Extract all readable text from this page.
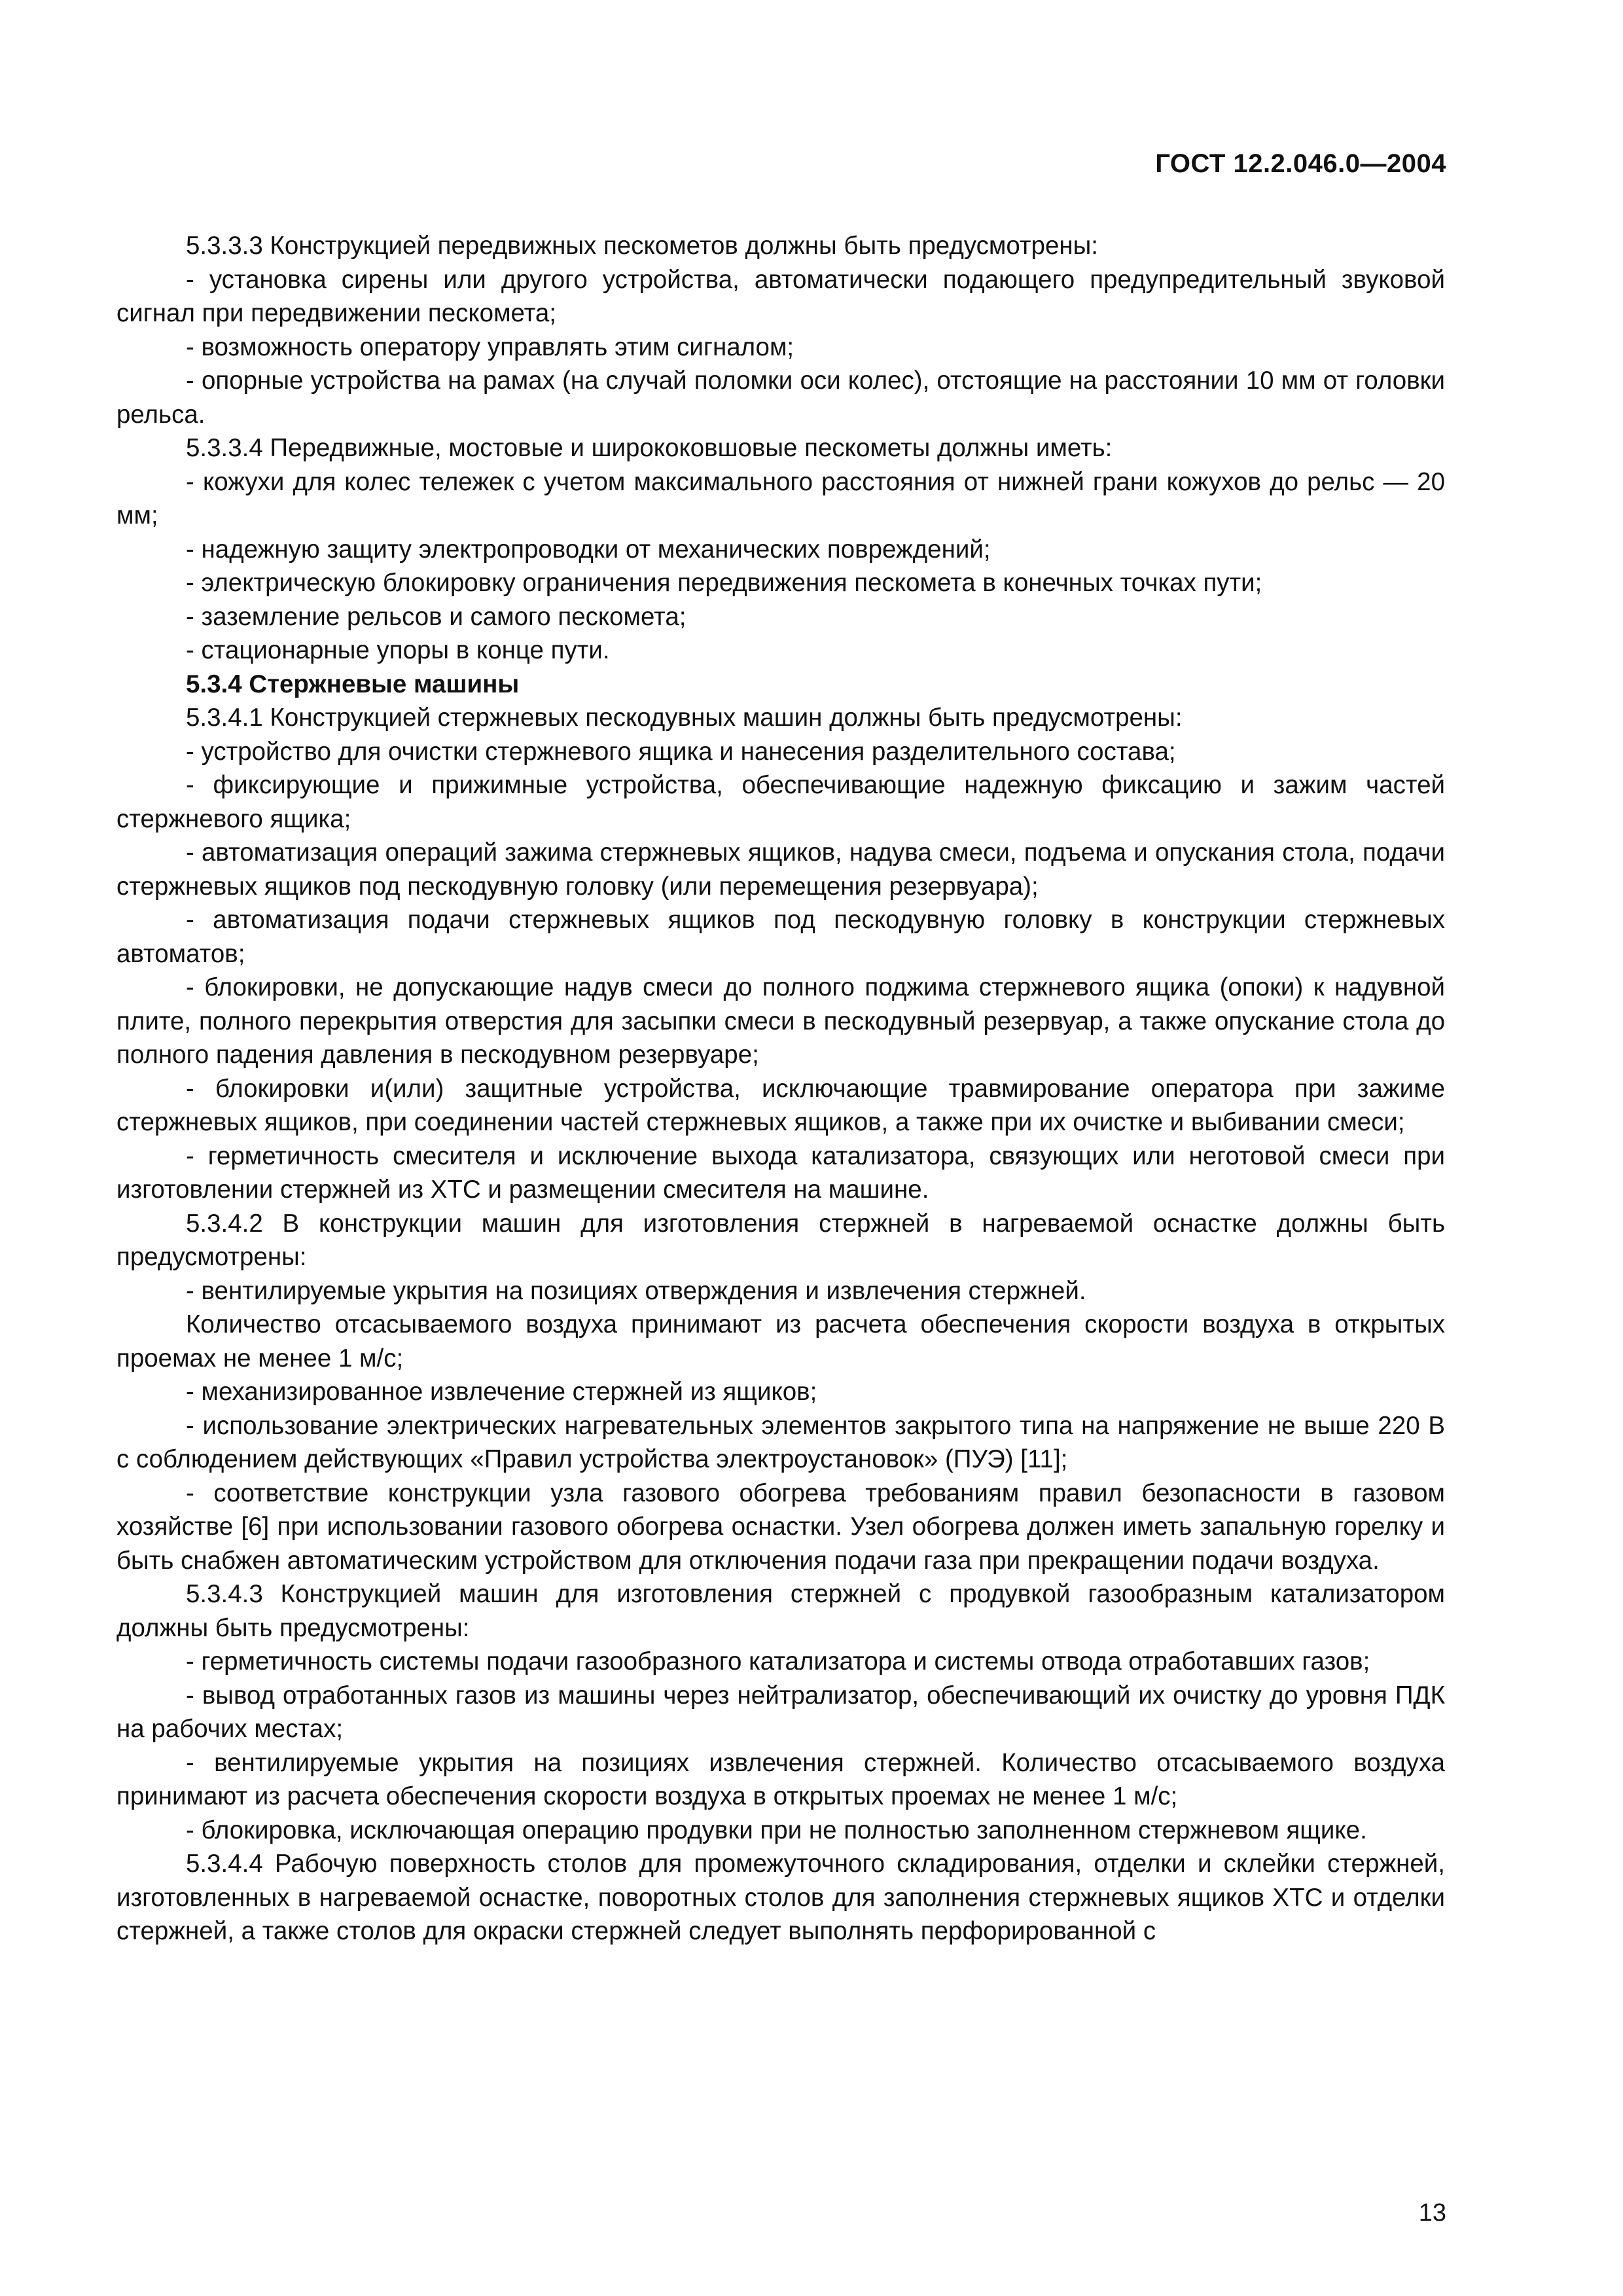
ГОСТ 12.2.046.0—2004

5.3.3.3 Конструкцией передвижных пескометов должны быть предусмотрены:

- установка сирены или другого устройства, автоматически подающего предупредительный звуковой сигнал при передвижении пескомета;

- возможность оператору управлять этим сигналом;

- опорные устройства на рамах (на случай поломки оси колес), отстоящие на расстоянии 10 мм от головки рельса.

5.3.3.4 Передвижные, мостовые и ширококовшовые пескометы должны иметь:

- кожухи для колес тележек с учетом максимального расстояния от нижней грани кожухов до рельс — 20 мм;

- надежную защиту электропроводки от механических повреждений;

- электрическую блокировку ограничения передвижения пескомета в конечных точках пути;

- заземление рельсов и самого пескомета;

- стационарные упоры в конце пути.

5.3.4 Стержневые машины

5.3.4.1 Конструкцией стержневых пескодувных машин должны быть предусмотрены:

- устройство для очистки стержневого ящика и нанесения разделительного состава;

- фиксирующие и прижимные устройства, обеспечивающие надежную фиксацию и зажим частей стержневого ящика;

- автоматизация операций зажима стержневых ящиков, надува смеси, подъема и опускания стола, подачи стержневых ящиков под пескодувную головку (или перемещения резервуара);

- автоматизация подачи стержневых ящиков под пескодувную головку в конструкции стержневых автоматов;

- блокировки, не допускающие надув смеси до полного поджима стержневого ящика (опоки) к надувной плите, полного перекрытия отверстия для засыпки смеси в пескодувный резервуар, а также опускание стола до полного падения давления в пескодувном резервуаре;

- блокировки и(или) защитные устройства, исключающие травмирование оператора при зажиме стержневых ящиков, при соединении частей стержневых ящиков, а также при их очистке и выбивании смеси;

- герметичность смесителя и исключение выхода катализатора, связующих или неготовой смеси при изготовлении стержней из ХТС и размещении смесителя на машине.

5.3.4.2 В конструкции машин для изготовления стержней в нагреваемой оснастке должны быть предусмотрены:

- вентилируемые укрытия на позициях отверждения и извлечения стержней.

Количество отсасываемого воздуха принимают из расчета обеспечения скорости воздуха в открытых проемах не менее 1 м/с;

- механизированное извлечение стержней из ящиков;

- использование электрических нагревательных элементов закрытого типа на напряжение не выше 220 В с соблюдением действующих «Правил устройства электроустановок» (ПУЭ) [11];

- соответствие конструкции узла газового обогрева требованиям правил безопасности в газовом хозяйстве [6] при использовании газового обогрева оснастки. Узел обогрева должен иметь запальную горелку и быть снабжен автоматическим устройством для отключения подачи газа при прекращении подачи воздуха.

5.3.4.3 Конструкцией машин для изготовления стержней с продувкой газообразным катализатором должны быть предусмотрены:

- герметичность системы подачи газообразного катализатора и системы отвода отработавших газов;

- вывод отработанных газов из машины через нейтрализатор, обеспечивающий их очистку до уровня ПДК на рабочих местах;

- вентилируемые укрытия на позициях извлечения стержней. Количество отсасываемого воздуха принимают из расчета обеспечения скорости воздуха в открытых проемах не менее 1 м/с;

- блокировка, исключающая операцию продувки при не полностью заполненном стержневом ящике.

5.3.4.4 Рабочую поверхность столов для промежуточного складирования, отделки и склейки стержней, изготовленных в нагреваемой оснастке, поворотных столов для заполнения стержневых ящиков ХТС и отделки стержней, а также столов для окраски стержней следует выполнять перфорированной с

13
